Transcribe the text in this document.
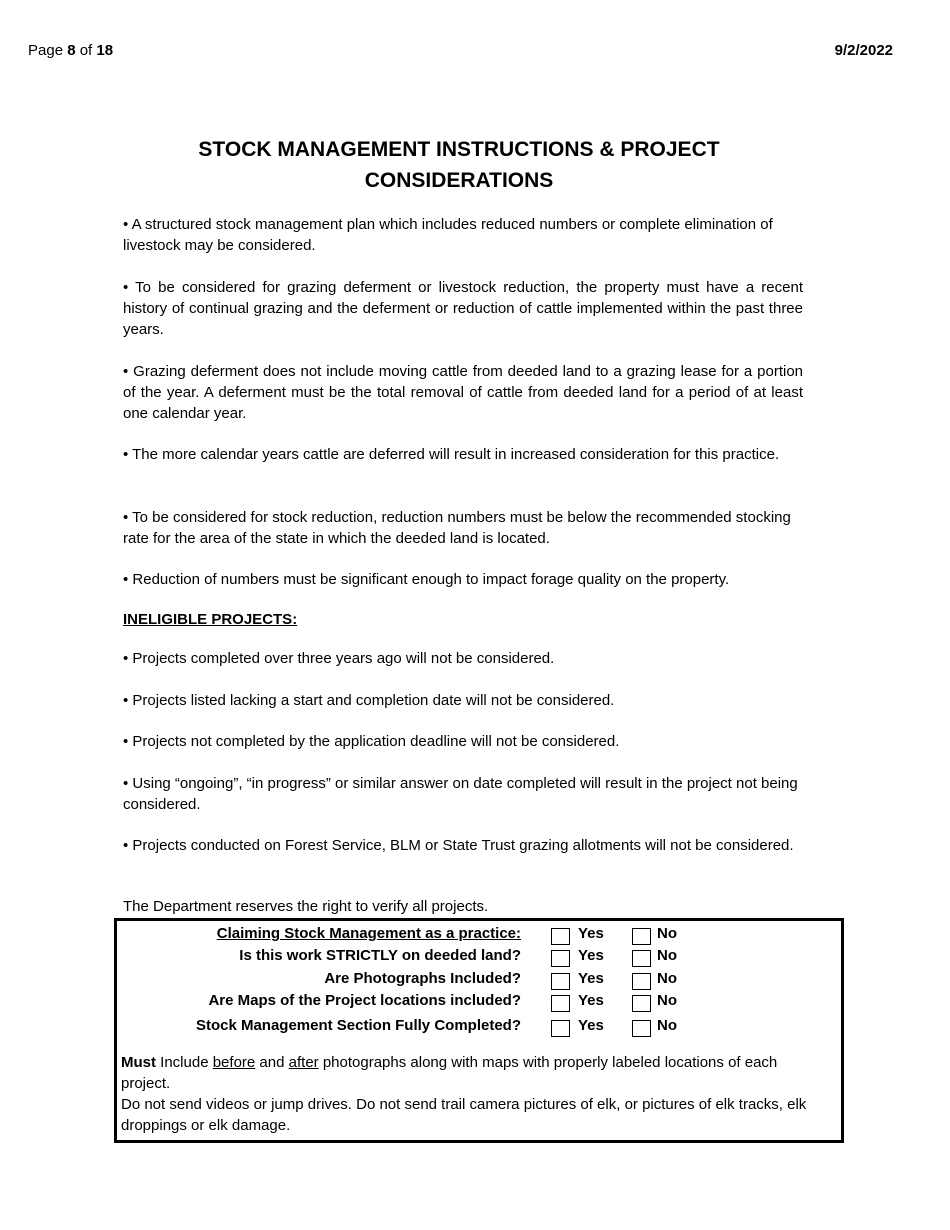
Page 8 of 18	9/2/2022
STOCK MANAGEMENT INSTRUCTIONS & PROJECT
CONSIDERATIONS
• A structured stock management plan which includes reduced numbers or complete elimination of livestock may be considered.
• To be considered for grazing deferment or livestock reduction, the property must have a recent history of continual grazing and the deferment or reduction of cattle implemented within the past three years.
• Grazing deferment does not include moving cattle from deeded land to a grazing lease for a portion of the year. A deferment must be the total removal of cattle from deeded land for a period of at least one calendar year.
• The more calendar years cattle are deferred will result in increased consideration for this practice.
• To be considered for stock reduction, reduction numbers must be below the recommended stocking rate for the area of the state in which the deeded land is located.
• Reduction of numbers must be significant enough to impact forage quality on the property.
INELIGIBLE PROJECTS:
• Projects completed over three years ago will not be considered.
• Projects listed lacking a start and completion date will not be considered.
• Projects not completed by the application deadline will not be considered.
• Using “ongoing”, “in progress” or similar answer on date completed will result in the project not being considered.
• Projects conducted on Forest Service, BLM or State Trust grazing allotments will not be considered.
The Department reserves the right to verify all projects.
Claiming Stock Management as a practice:	Yes	No
Is this work STRICTLY on deeded land?	Yes	No
Are Photographs Included?	Yes	No
Are Maps of the Project locations included?	Yes	No
Stock Management Section Fully Completed?	Yes	No
Must Include before and after photographs along with maps with properly labeled locations of each project.
Do not send videos or jump drives. Do not send trail camera pictures of elk, or pictures of elk tracks, elk droppings or elk damage.
